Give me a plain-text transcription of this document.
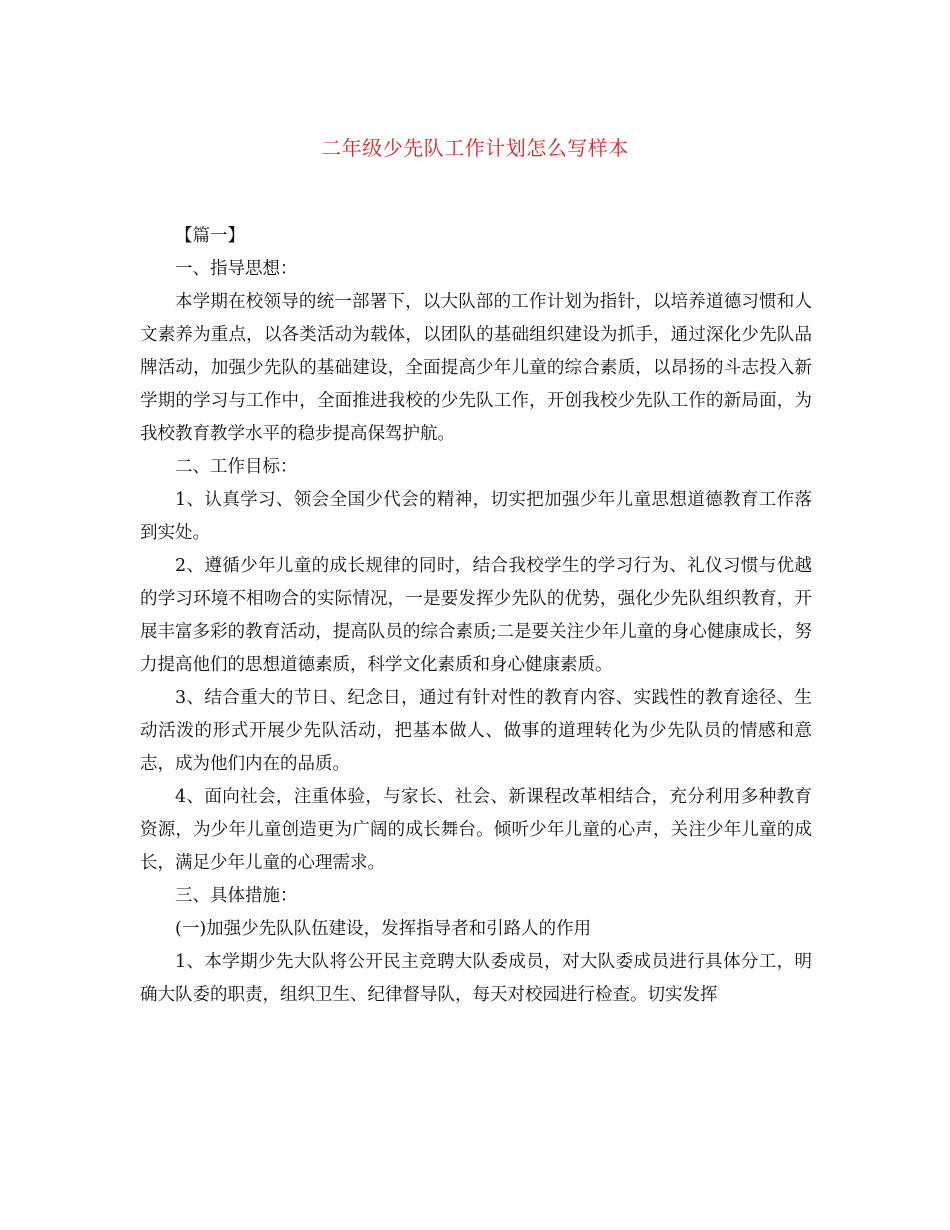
二年级少先队工作计划怎么写样本

【篇一】

一、指导思想：

本学期在校领导的统一部署下，以大队部的工作计划为指针，以培养道德习惯和人文素养为重点，以各类活动为载体，以团队的基础组织建设为抓手，通过深化少先队品牌活动，加强少先队的基础建设，全面提高少年儿童的综合素质，以昂扬的斗志投入新学期的学习与工作中，全面推进我校的少先队工作，开创我校少先队工作的新局面，为我校教育教学水平的稳步提高保驾护航。

二、工作目标：

1、认真学习、领会全国少代会的精神，切实把加强少年儿童思想道德教育工作落到实处。

2、遵循少年儿童的成长规律的同时，结合我校学生的学习行为、礼仪习惯与优越的学习环境不相吻合的实际情况，一是要发挥少先队的优势，强化少先队组织教育，开展丰富多彩的教育活动，提高队员的综合素质;二是要关注少年儿童的身心健康成长，努力提高他们的思想道德素质，科学文化素质和身心健康素质。

3、结合重大的节日、纪念日，通过有针对性的教育内容、实践性的教育途径、生动活泼的形式开展少先队活动，把基本做人、做事的道理转化为少先队员的情感和意志，成为他们内在的品质。

4、面向社会，注重体验，与家长、社会、新课程改革相结合，充分利用多种教育资源，为少年儿童创造更为广阔的成长舞台。倾听少年儿童的心声，关注少年儿童的成长，满足少年儿童的心理需求。

三、具体措施：

(一)加强少先队队伍建设，发挥指导者和引路人的作用

1、本学期少先大队将公开民主竞聘大队委成员，对大队委成员进行具体分工，明确大队委的职责，组织卫生、纪律督导队，每天对校园进行检查。切实发挥
